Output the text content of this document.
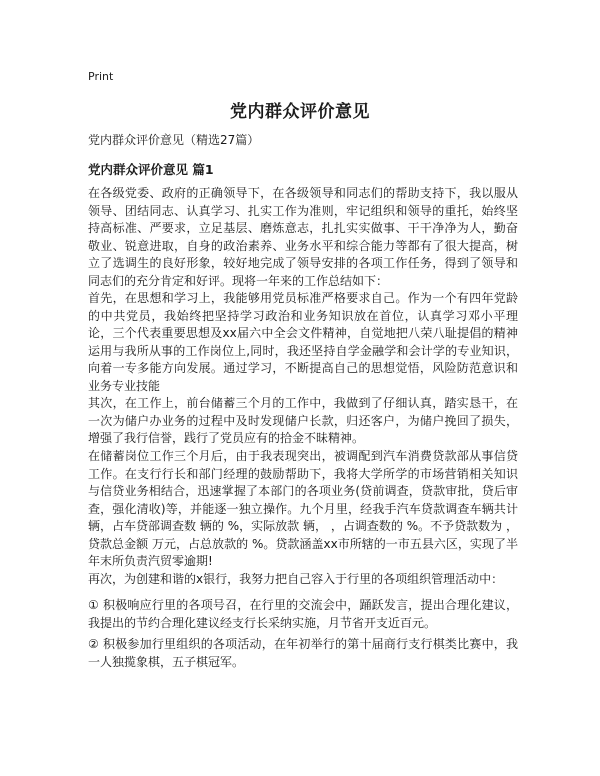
Print
党内群众评价意见
党内群众评价意见（精选27篇）
党内群众评价意见 篇1
在各级党委、政府的正确领导下，在各级领导和同志们的帮助支持下，我以服从领导、团结同志、认真学习、扎实工作为准则，牢记组织和领导的重托，始终坚持高标准、严要求，立足基层、磨炼意志，扎扎实实做事、干干净净为人，勤奋敬业、锐意进取，自身的政治素养、业务水平和综合能力等都有了很大提高，树立了选调生的良好形象，较好地完成了领导安排的各项工作任务，得到了领导和同志们的充分肯定和好评。现将一年来的工作总结如下：
首先，在思想和学习上，我能够用党员标准严格要求自己。作为一个有四年党龄的中共党员，我始终把坚持学习政治和业务知识放在首位，认真学习邓小平理论，三个代表重要思想及xx届六中全会文件精神，自觉地把八荣八耻提倡的精神运用与我所从事的工作岗位上,同时，我还坚持自学金融学和会计学的专业知识，向着一专多能方向发展。通过学习，不断提高自己的思想觉悟，风险防范意识和业务专业技能
其次，在工作上，前台储蓄三个月的工作中，我做到了仔细认真，踏实恳干，在一次为储户办业务的过程中及时发现储户长款，归还客户，为储户挽回了损失，增强了我行信誉，践行了党员应有的拾金不昧精神。
在储蓄岗位工作三个月后，由于我表现突出，被调配到汽车消费贷款部从事信贷工作。在支行行长和部门经理的鼓励帮助下，我将大学所学的市场营销相关知识与信贷业务相结合，迅速掌握了本部门的各项业务(贷前调查，贷款审批，贷后审查，强化清收)等，并能逐一独立操作。九个月里，经我手汽车贷款调查车辆共计 辆，占车贷部调查数 辆的 %，实际放款 辆， ，占调查数的 %。不予贷款数为 ，贷款总金额 万元，占总放款的 %。贷款涵盖xx市所辖的一市五县六区，实现了半年末所负责汽贸零逾期!
再次，为创建和谐的x银行，我努力把自己容入于行里的各项组织管理活动中：
① 积极响应行里的各项号召，在行里的交流会中，踊跃发言，提出合理化建议，我提出的节约合理化建议经支行长采纳实施，月节省开支近百元。
② 积极参加行里组织的各项活动，在年初举行的第十届商行支行棋类比赛中，我一人独揽象棋，五子棋冠军。
